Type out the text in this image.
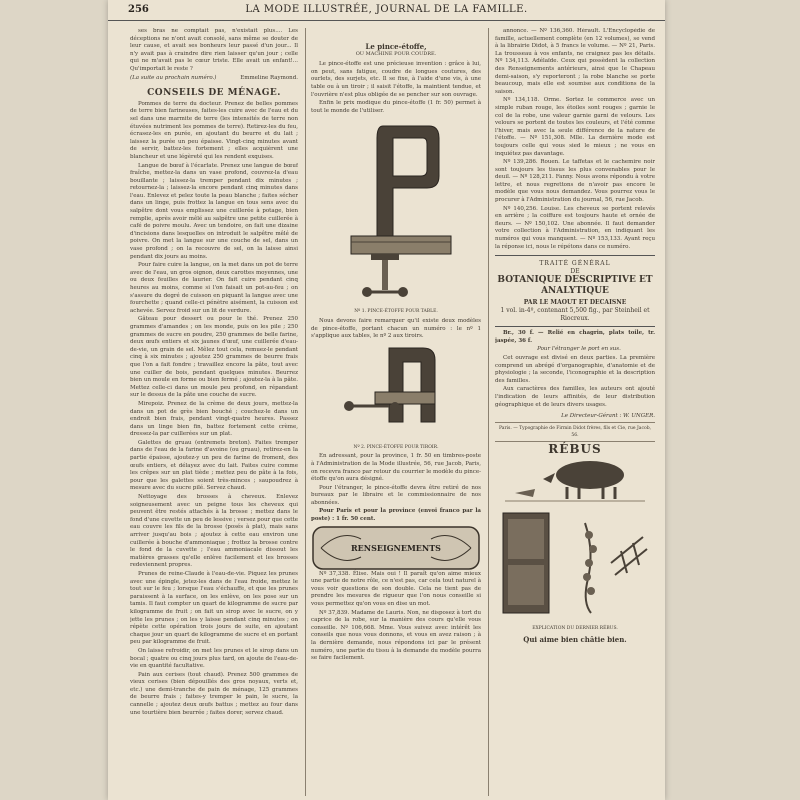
256	LA MODE ILLUSTRÉE, JOURNAL DE LA FAMILLE.

ses bras ne comptait pas, n'existait plus.... Les déceptions ne n'ont avait consolé, sans même se douter de leur cause, et avait ses bonheurs leur passé d'un jour... Il n'y avait pas à craindre dire rien laisser qu'un jour ; celle qui ne m'avait pas le cœur triste. Elle avait un enfant!... Qu'importait le reste ?

(La suite au prochain numéro.)	Emmeline Raymond.
CONSEILS DE MÉNAGE.

Pommes de terre du docteur. Prenez de belles pommes de terre bien farineuses, faites-les cuire avec de l'eau et du sel dans une marmite de terre (les intensités de terre non étuvées nutriment les pommes de terre). Retirez-les du feu, écrasez-les en purée, en ajoutant du beurre et du lait ; laissez la purée un peu épaisse. Vingt-cinq minutes avant de servir, battez-les fortement ; elles acquièrent une blancheur et une légèreté qui les rendent exquises.

Langue de bœuf à l'écarlate. Prenez une langue de bœuf fraîche, mettez-la dans un vase profond, couvrez-la d'eau bouillante ; laissez-la tremper pendant dix minutes ; retournez-la ; laissez-la encore pendant cinq minutes dans l'eau. Enlevez et pelez toute la peau blanche ; faites sécher dans un linge, puis frottez la langue en tous sens avec du salpêtre dont vous emplissez une cuillerée à potage, bien remplie, après avoir mêlé au salpêtre une petite cuillerée à café de poivre moulu. Avec un tendoire, on fait une dizaine d'incisions dans lesquelles on introduit le salpêtre mêlé de poivre. On met la langue sur une couche de sel, dans un vase profond ; on la recouvre de sel, on la laisse ainsi pendant dix jours au moins.

Pour faire cuire la langue, on la met dans un pot de terre avec de l'eau, un gros oignon, deux carottes moyennes, une ou deux feuilles de laurier. On fait cuire pendant cinq heures au moins, comme si l'on faisait un pot-au-feu ; on s'assure du degré de cuisson en piquant la langue avec une fourchette ; quand celle-ci pénètre aisément, la cuisson est achevée. Servez froid sur un lit de verdure.

Gâteau pour dessert ou pour le thé. Prenez 250 grammes d'amandes ; on les monde, puis on les pile ; 250 grammes de sucre en poudre, 250 grammes de belle farine, deux œufs entiers et six jaunes d'œuf, une cuillerée d'eau-de-vie, un grain de sel. Mêlez tout cela, remuez-le pendant cinq à six minutes ; ajoutez 250 grammes de beurre frais que l'on a fait fondre ; travaillez encore la pâte, tout avec une cuiller de bois, pendant quelques minutes. Beurrez bien un moule en forme ou bien fermé ; ajoutez-la à la pâte. Mettez celle-ci dans un moule peu profond, en répandant sur le dessus de la pâte une couche de sucre.

Mirepoiz. Prenez de la crème de deux jours, mettez-la dans un pot de grès bien bouché ; couchez-le dans un endroit bien frais, pendant vingt-quatre heures. Passez dans un linge bien fin, battez fortement cette crème, dressez-la par cuillerées sur un plat.

Galettes de gruau (entremets breton). Faites tremper dans de l'eau de la farine d'avoine (ou gruau), retirez-en la partie épaisse, ajoutez-y un peu de farine de froment, des œufs entiers, et délayez avec du lait. Faites cuire comme les crêpes sur un plat tiède ; mettez peu de pâte à la fois, pour que les galettes soient très-minces ; saupoudrez à mesure avec du sucre pilé. Servez chaud.

Nettoyage des brosses à cheveux. Enlevez soigneusement avec un peigne tous les cheveux qui peuvent être restés attachés à la brosse ; mettez dans le fond d'une cuvette un peu de lessive ; versez pour que cette eau couvre les fils de la brosse (posés à plat), mais sans arriver jusqu'au bois ; ajoutez à cette eau environ une cuillerée à bouche d'ammoniaque ; frottez la brosse contre le fond de la cuvette ; l'eau ammoniacale dissout les matières grasses qu'elle enlève facilement et les brosses redeviennent propres.

Prunes de reine-Claude à l'eau-de-vie. Piquez les prunes avec une épingle, jetez-les dans de l'eau froide, mettez le tout sur le feu ; lorsque l'eau s'échauffe, et que les prunes paraissent à la surface, on les enlève, on les pose sur un tamis. Il faut compter un quart de kilogramme de sucre par kilogramme de fruit ; on fait un sirop avec le sucre, on y jette les prunes ; on les y laisse pendant cinq minutes ; on répète cette opération trois jours de suite, en ajoutant chaque jour un quart de kilogramme de sucre et en portant peu par kilogramme de fruit.

On laisse refroidir, on met les prunes et le sirop dans un bocal ; quatre ou cinq jours plus tard, on ajoute de l'eau-de-vie en quantité facultative.

Pain aux cerises (tout chaud). Prenez 500 grammes de vieux cerises (bien dépouillés des gros noyaux, verts et, etc.) une demi-tranche de pain de ménage, 125 grammes de beurre frais ; faites-y tremper le pain, le sucre, la cannelle ; ajoutez deux œufs battus ; mettez au four dans une tourtière bien beurrée ; faites dorer, servez chaud.

Le pince-étoffe,
OU MACHINE POUR COUDRE.

Le pince-étoffe est une précieuse invention : grâce à lui, on peut, sans fatigue, coudre de longues coutures, des ourlets, des surjets, etc. Il se fixe, à l'aide d'une vis, à une table ou à un tiroir ; il saisit l'étoffe, la maintient tendue, et l'ouvrière n'est plus obligée de se pencher sur son ouvrage.

Enfin le prix modique du pince-étoffe (1 fr. 50) permet à tout le monde de l'utiliser.

Nº 1. PINCE-ÉTOFFE POUR TABLE.

Nous devons faire remarquer qu'il existe deux modèles de pince-étoffe, portant chacun un numéro : le nº 1 s'applique aux tables, le nº 2 aux tiroirs.

Nº 2. PINCE-ÉTOFFE POUR TIROIR.

En adressant, pour la province, 1 fr. 50 en timbres-poste à l'Administration de la Mode illustrée, 56, rue Jacob, Paris, on recevra franco par retour du courrier le modèle du pince-étoffe qu'on aura désigné.

Pour l'étranger, le pince-étoffe devra être retiré de nos bureaux par le libraire et le commissionnaire de nos abonnées.

Pour Paris et pour la province (envoi franco par la poste) : 1 fr. 50 cent.

RENSEIGNEMENTS

Nº 37,338. Élise. Mais oui ! Il paraît qu'on aime mieux une partie de notre rôle, ce n'est pas, car cela tout naturel à vous voir questions de son double. Cela ne tient pas de prendre les mesures de rigueur que l'on nous conseille si vous permettez qu'on vous en dise un mot.

Nº 37,839. Madame de Lauris. Non, ne disposez à tort du caprice de la robe, sur la manière des cours qu'elle vous conseille. Nº 106,668. Mme. Vous suivez avec intérêt les conseils que nous vous donnons, et vous en avez raison ; à la dernière demande, nous répondons ici par le présent numéro, une partie du tissu à la demande du modèle pourra se faire facilement.

annonce. — Nº 136,360. Hérault. L'Encyclopédie de famille, actuellement complète (en 12 volumes), se vend à la librairie Didot, à 5 francs le volume. — Nº 21, Paris. La trousseau à vos enfants, ne craignez pas les détails. Nº 134,113. Adélaïde. Ceux qui possèdent la collection des Renseignements antérieurs, ainsi que le Chapeau demi-saison, s'y reporteront ; la robe blanche se porte beaucoup, mais elle est soumise aux conditions de la saison.

Nº 134,118. Orme. Sortez le commerce avec un simple ruban rouge, les étoiles sont rouges ; garnie le col de la robe, une valeur garnie garni de velours. Les velours se portent de toutes les couleurs, et l'été comme l'hiver, mais avec la seule différence de la nature de l'étoffe. — Nº 151,308. Mlle. La dernière mode est toujours celle qui vous sied le mieux ; ne vous en inquiétez pas davantage.

Nº 139,286. Rouen. Le taffetas et le cachemire noir sont toujours les tissus les plus convenables pour le deuil. — Nº 128,211. Fanny. Nous avons répondu à votre lettre, et nous regrettons de n'avoir pas encore le modèle que vous nous demandez. Vous pourrez vous le procurer à l'Administration du journal, 56, rue Jacob.

Nº 140,256. Louise. Les cheveux se portent relevés en arrière ; la coiffure est toujours haute et ornée de fleurs. — Nº 150,102. Une abonnée. Il faut demander votre collection à l'Administration, en indiquant les numéros qui vous manquent. — Nº 153,133. Ayant reçu la réponse ici, nous le répétons dans ce numéro.

TRAITÉ GÉNÉRAL
DE
BOTANIQUE DESCRIPTIVE ET ANALYTIQUE
PAR LE MAOUT ET DECAISNE
1 vol. in-4º, contenant 5,500 fig., par Steinheil et Riocreux.

Br., 30 f. — Relié en chagrin, plats toile, tr. jaspée, 36 f.

Pour l'étranger le port en sus.

Cet ouvrage est divisé en deux parties. La première comprend un abrégé d'organographie, d'anatomie et de physiologie ; la seconde, l'iconographie et la description des familles.

Aux caractères des familles, les auteurs ont ajouté l'indication de leurs affinités, de leur distribution géographique et de leurs divers usages.

Le Directeur-Gérant : W. UNGER.
Paris. — Typographie de Firmin Didot frères, fils et Cie, rue Jacob, 56.
RÉBUS
EXPLICATION DU DERNIER RÉBUS.
Qui aime bien châtie bien.
